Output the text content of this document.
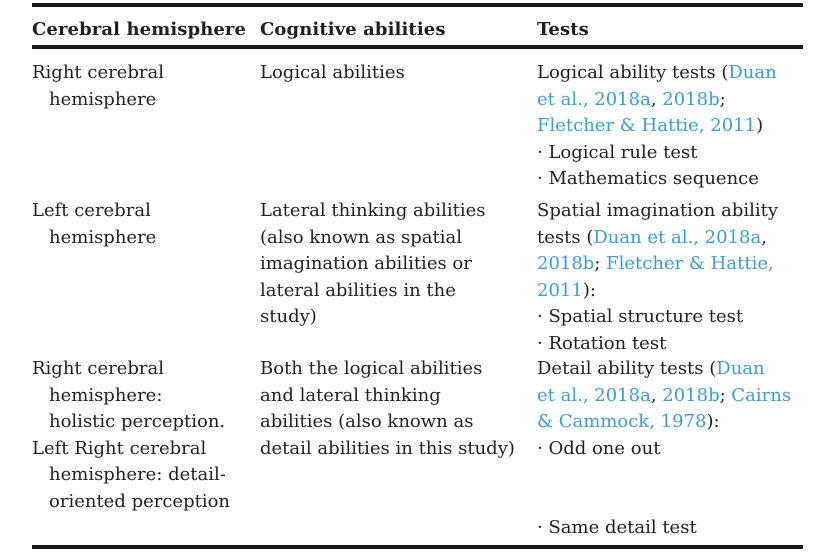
Cerebral hemisphere Cognitive abilities	Tests
Right cerebral
hemisphere
Logical abilities	Logical ability tests (Duan
et al., 2018a, 2018b;
Fletcher & Hattie, 2011)
· Logical rule test
· Mathematics sequence
Left cerebral
hemisphere
Lateral thinking abilities
(also known as spatial
imagination abilities or
lateral abilities in the
study)
Spatial imagination ability
tests (Duan et al., 2018a,
2018b; Fletcher & Hattie,
2011):
· Spatial structure test
· Rotation test
Right cerebral
hemisphere:
holistic perception.
Left Right cerebral
hemisphere: detail-
oriented perception
Both the logical abilities
and lateral thinking
abilities (also known as
detail abilities in this study)
Detail ability tests (Duan
et al., 2018a, 2018b; Cairns
& Cammock, 1978):
· Odd one out
· Same detail test
